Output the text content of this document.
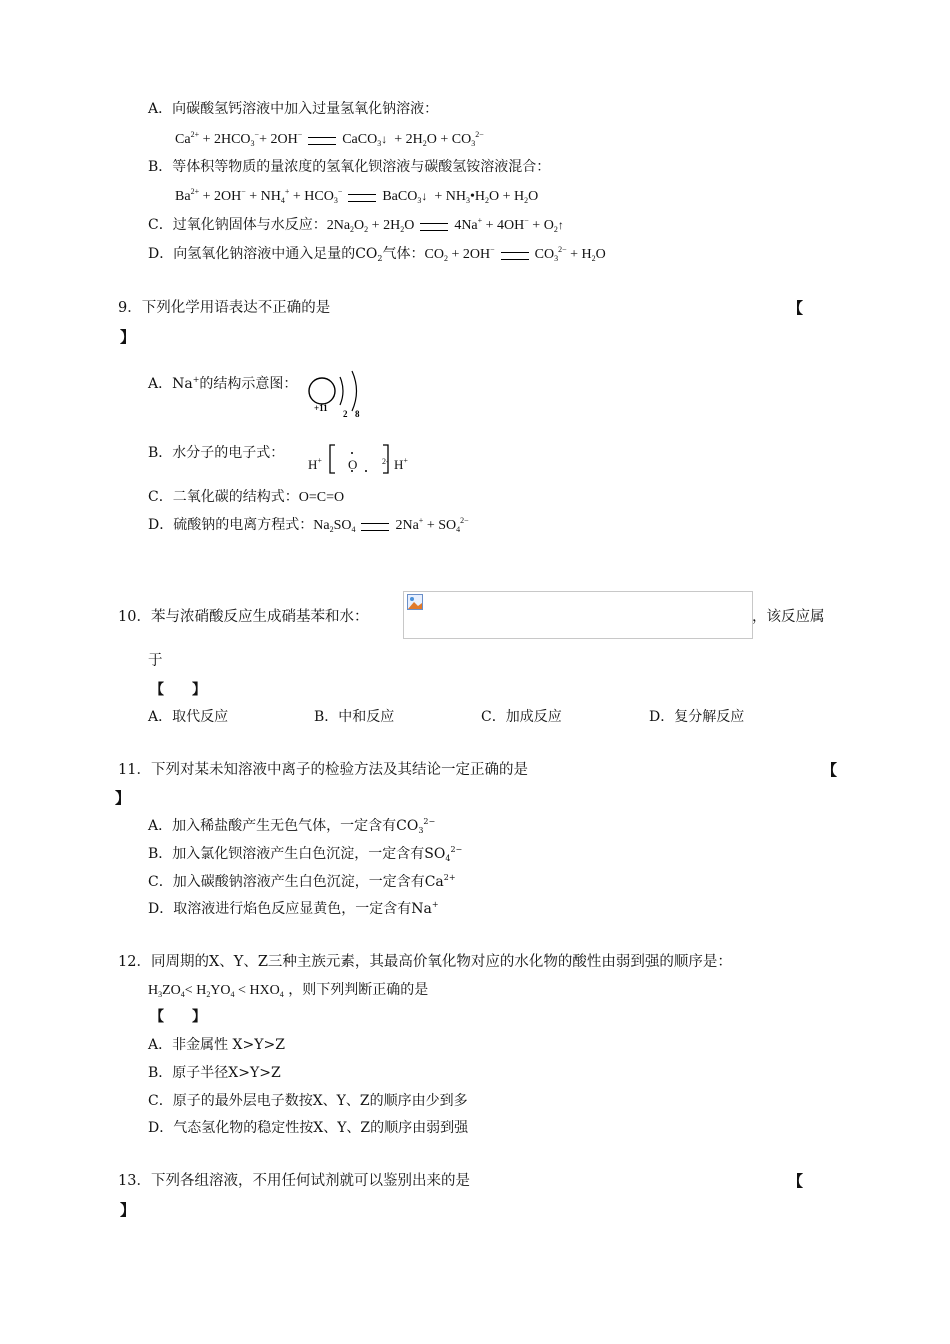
A．向碳酸氢钙溶液中加入过量氢氧化钠溶液：
$Ca^{2+} + 2HCO_3^-+ 2OH^-$	CaCO$_3$↓ + $2H_2O + CO_3^{2-}$
B．等体积等物质的量浓度的氢氧化钡溶液与碳酸氢铵溶液混合：
$Ba^{2+} + 2OH^- + NH_4^+ + HCO_3^-$	BaCO$_3$↓ + $NH_3•H_2O + H_2O$
C．过氧化钠固体与水反应：$2Na_2O_2 + 2H_2O$	$4Na^+ + 4OH^- + O_2↑$
D．向氢氧化钠溶液中通入足量的$CO_2$气体：$CO_2 + 2OH^-$	$CO_3^{2-} + H_2O$
9．下列化学用语表达不正确的是	【
】
A．Na+的结构示意图：
+11
2 8
B．水分子的电子式：
H+ O	2- H+
C．二氧化碳的结构式：O=C=O
D．硫酸钠的电离方程式：$Na_2SO_4$	$2Na^+ + SO_4^{2-}$
10．苯与浓硝酸反应生成硝基苯和水：	，该反应属
于
【　　】
A．取代反应	B．中和反应	C．加成反应	D．复分解反应
11．下列对某未知溶液中离子的检验方法及其结论一定正确的是	【
】
A．加入稀盐酸产生无色气体，一定含有$CO_3^{2-}$
B．加入氯化钡溶液产生白色沉淀，一定含有$SO_4^{2-}$
C．加入碳酸钠溶液产生白色沉淀，一定含有$Ca^{2+}$
D．取溶液进行焰色反应显黄色，一定含有Na+
12．同周期的X、Y、Z三种主族元素，其最高价氧化物对应的水化物的酸性由弱到强的顺序是：
$H_3ZO_4< H_2YO_4 < HXO_4$ ，则下列判断正确的是
【　　】
A．非金属性 X>Y>Z
B．原子半径X>Y>Z
C．原子的最外层电子数按X、Y、Z的顺序由少到多
D．气态氢化物的稳定性按X、Y、Z的顺序由弱到强
13．下列各组溶液，不用任何试剂就可以鉴别出来的是	【
】
